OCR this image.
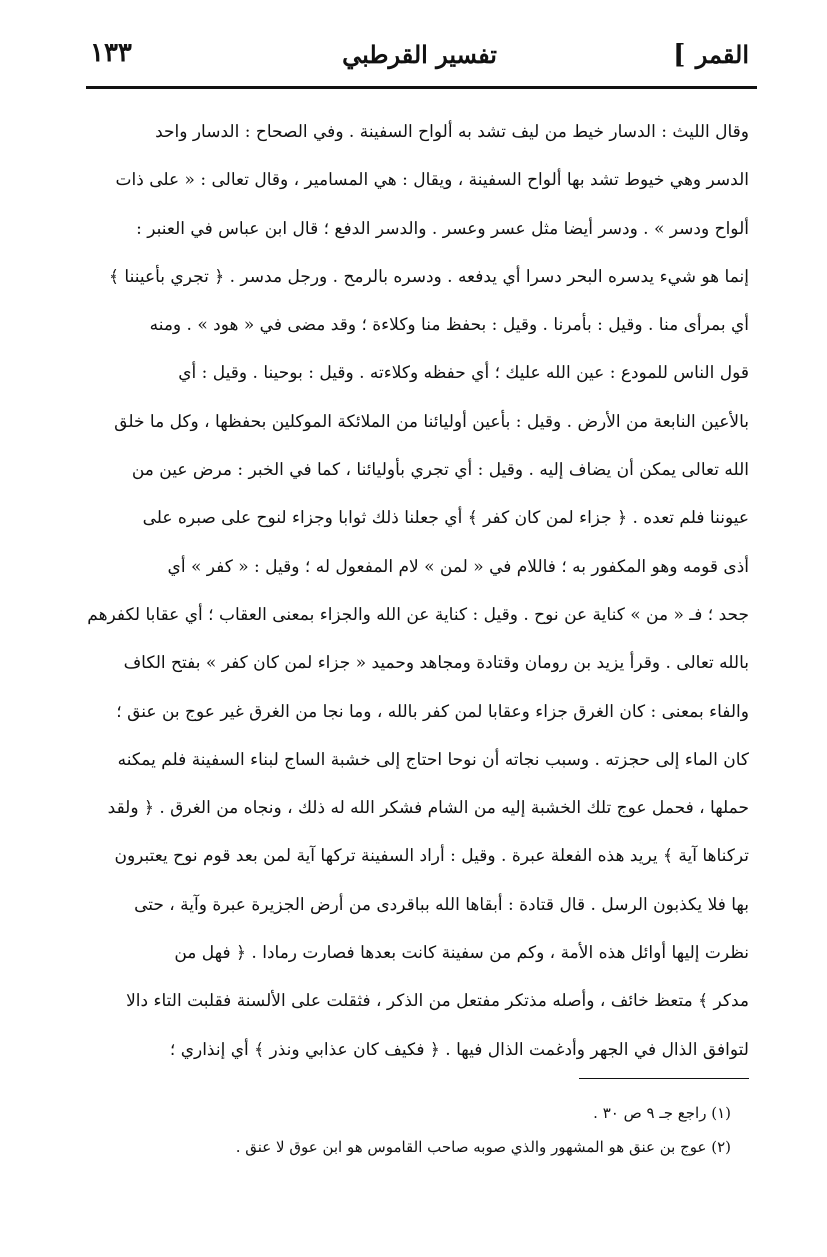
القمر ]
تفسير القرطبي
١٣٣
وقال الليث : الدسار خيط من ليف تشد به ألواح السفينة . وفي الصحاح : الدسار واحد
الدسر وهي خيوط تشد بها ألواح السفينة ، ويقال : هي المسامير ، وقال تعالى : « على ذات
ألواح ودسر » . ودسر أيضا مثل عسر وعسر . والدسر الدفع ؛ قال ابن عباس في العنبر :
إنما هو شيء يدسره البحر دسرا أي يدفعه . ودسره بالرمح . ورجل مدسر . ﴿ تجري بأعيننا ﴾
أي بمرأى منا . وقيل : بأمرنا . وقيل : بحفظ منا وكلاءة ؛ وقد مضى في « هود » . ومنه
قول الناس للمودع : عين الله عليك ؛ أي حفظه وكلاءته . وقيل : بوحينا . وقيل : أي
بالأعين النابعة من الأرض . وقيل : بأعين أوليائنا من الملائكة الموكلين بحفظها ، وكل ما خلق
الله تعالى يمكن أن يضاف إليه . وقيل : أي تجري بأوليائنا ، كما في الخبر : مرض عين من
عيوننا فلم تعده . ﴿ جزاء لمن كان كفر ﴾ أي جعلنا ذلك ثوابا وجزاء لنوح على صبره على
أذى قومه وهو المكفور به ؛ فاللام في « لمن » لام المفعول له ؛ وقيل : « كفر » أي
جحد ؛ فـ « من » كناية عن نوح . وقيل : كناية عن الله والجزاء بمعنى العقاب ؛ أي عقابا لكفرهم
بالله تعالى . وقرأ يزيد بن رومان وقتادة ومجاهد وحميد « جزاء لمن كان كفر » بفتح الكاف
والفاء بمعنى : كان الغرق جزاء وعقابا لمن كفر بالله ، وما نجا من الغرق غير عوج بن عنق ؛
كان الماء إلى حجزته . وسبب نجاته أن نوحا احتاج إلى خشبة الساج لبناء السفينة فلم يمكنه
حملها ، فحمل عوج تلك الخشبة إليه من الشام فشكر الله له ذلك ، ونجاه من الغرق . ﴿ ولقد
تركناها آية ﴾ يريد هذه الفعلة عبرة . وقيل : أراد السفينة تركها آية لمن بعد قوم نوح يعتبرون
بها فلا يكذبون الرسل . قال قتادة : أبقاها الله بباقردى من أرض الجزيرة عبرة وآية ، حتى
نظرت إليها أوائل هذه الأمة ، وكم من سفينة كانت بعدها فصارت رمادا . ﴿ فهل من
مدكر ﴾ متعظ خائف ، وأصله مذتكر مفتعل من الذكر ، فثقلت على الألسنة فقلبت التاء دالا
لتوافق الذال في الجهر وأدغمت الذال فيها . ﴿ فكيف كان عذابي ونذر ﴾ أي إنذاري ؛
(١) راجع جـ ٩ ص ٣٠ .
(٢) عوج بن عنق هو المشهور والذي صوبه صاحب القاموس هو ابن عوق لا عنق .
